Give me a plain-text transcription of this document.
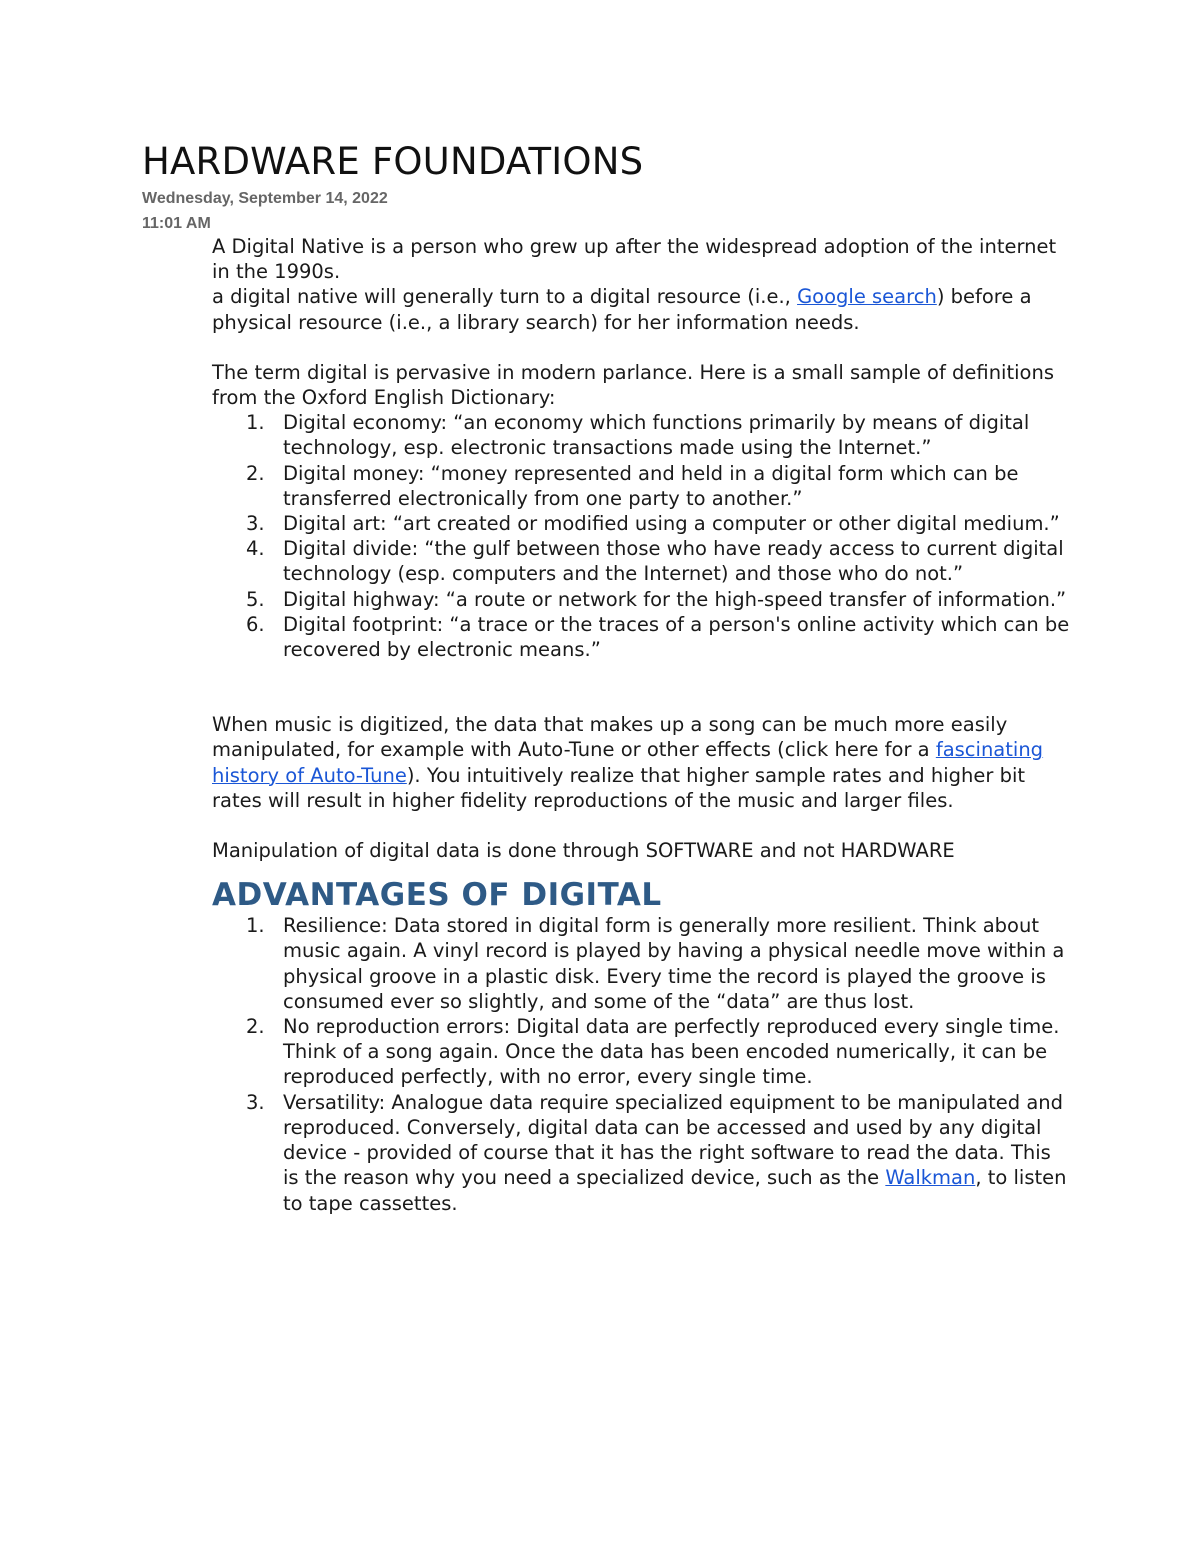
HARDWARE FOUNDATIONS
Wednesday, September 14, 2022
11:01 AM

A Digital Native is a person who grew up after the widespread adoption of the internet in the 1990s.

a digital native will generally turn to a digital resource (i.e., Google search) before a physical resource (i.e., a library search) for her information needs.

The term digital is pervasive in modern parlance. Here is a small sample of definitions from the Oxford English Dictionary:

1. Digital economy: “an economy which functions primarily by means of digital technology, esp. electronic transactions made using the Internet.”
2. Digital money: “money represented and held in a digital form which can be transferred electronically from one party to another.”
3. Digital art: “art created or modified using a computer or other digital medium.”
4. Digital divide: “the gulf between those who have ready access to current digital technology (esp. computers and the Internet) and those who do not.”
5. Digital highway: “a route or network for the high-speed transfer of information.”
6. Digital footprint: “a trace or the traces of a person's online activity which can be recovered by electronic means.”

When music is digitized, the data that makes up a song can be much more easily manipulated, for example with Auto-Tune or other effects (click here for a fascinating history of Auto-Tune). You intuitively realize that higher sample rates and higher bit rates will result in higher fidelity reproductions of the music and larger files.

Manipulation of digital data is done through SOFTWARE and not HARDWARE

ADVANTAGES OF DIGITAL
1. Resilience: Data stored in digital form is generally more resilient. Think about music again. A vinyl record is played by having a physical needle move within a physical groove in a plastic disk. Every time the record is played the groove is consumed ever so slightly, and some of the “data” are thus lost.
2. No reproduction errors: Digital data are perfectly reproduced every single time. Think of a song again. Once the data has been encoded numerically, it can be reproduced perfectly, with no error, every single time.
3. Versatility: Analogue data require specialized equipment to be manipulated and reproduced. Conversely, digital data can be accessed and used by any digital device - provided of course that it has the right software to read the data. This is the reason why you need a specialized device, such as the Walkman, to listen to tape cassettes.
